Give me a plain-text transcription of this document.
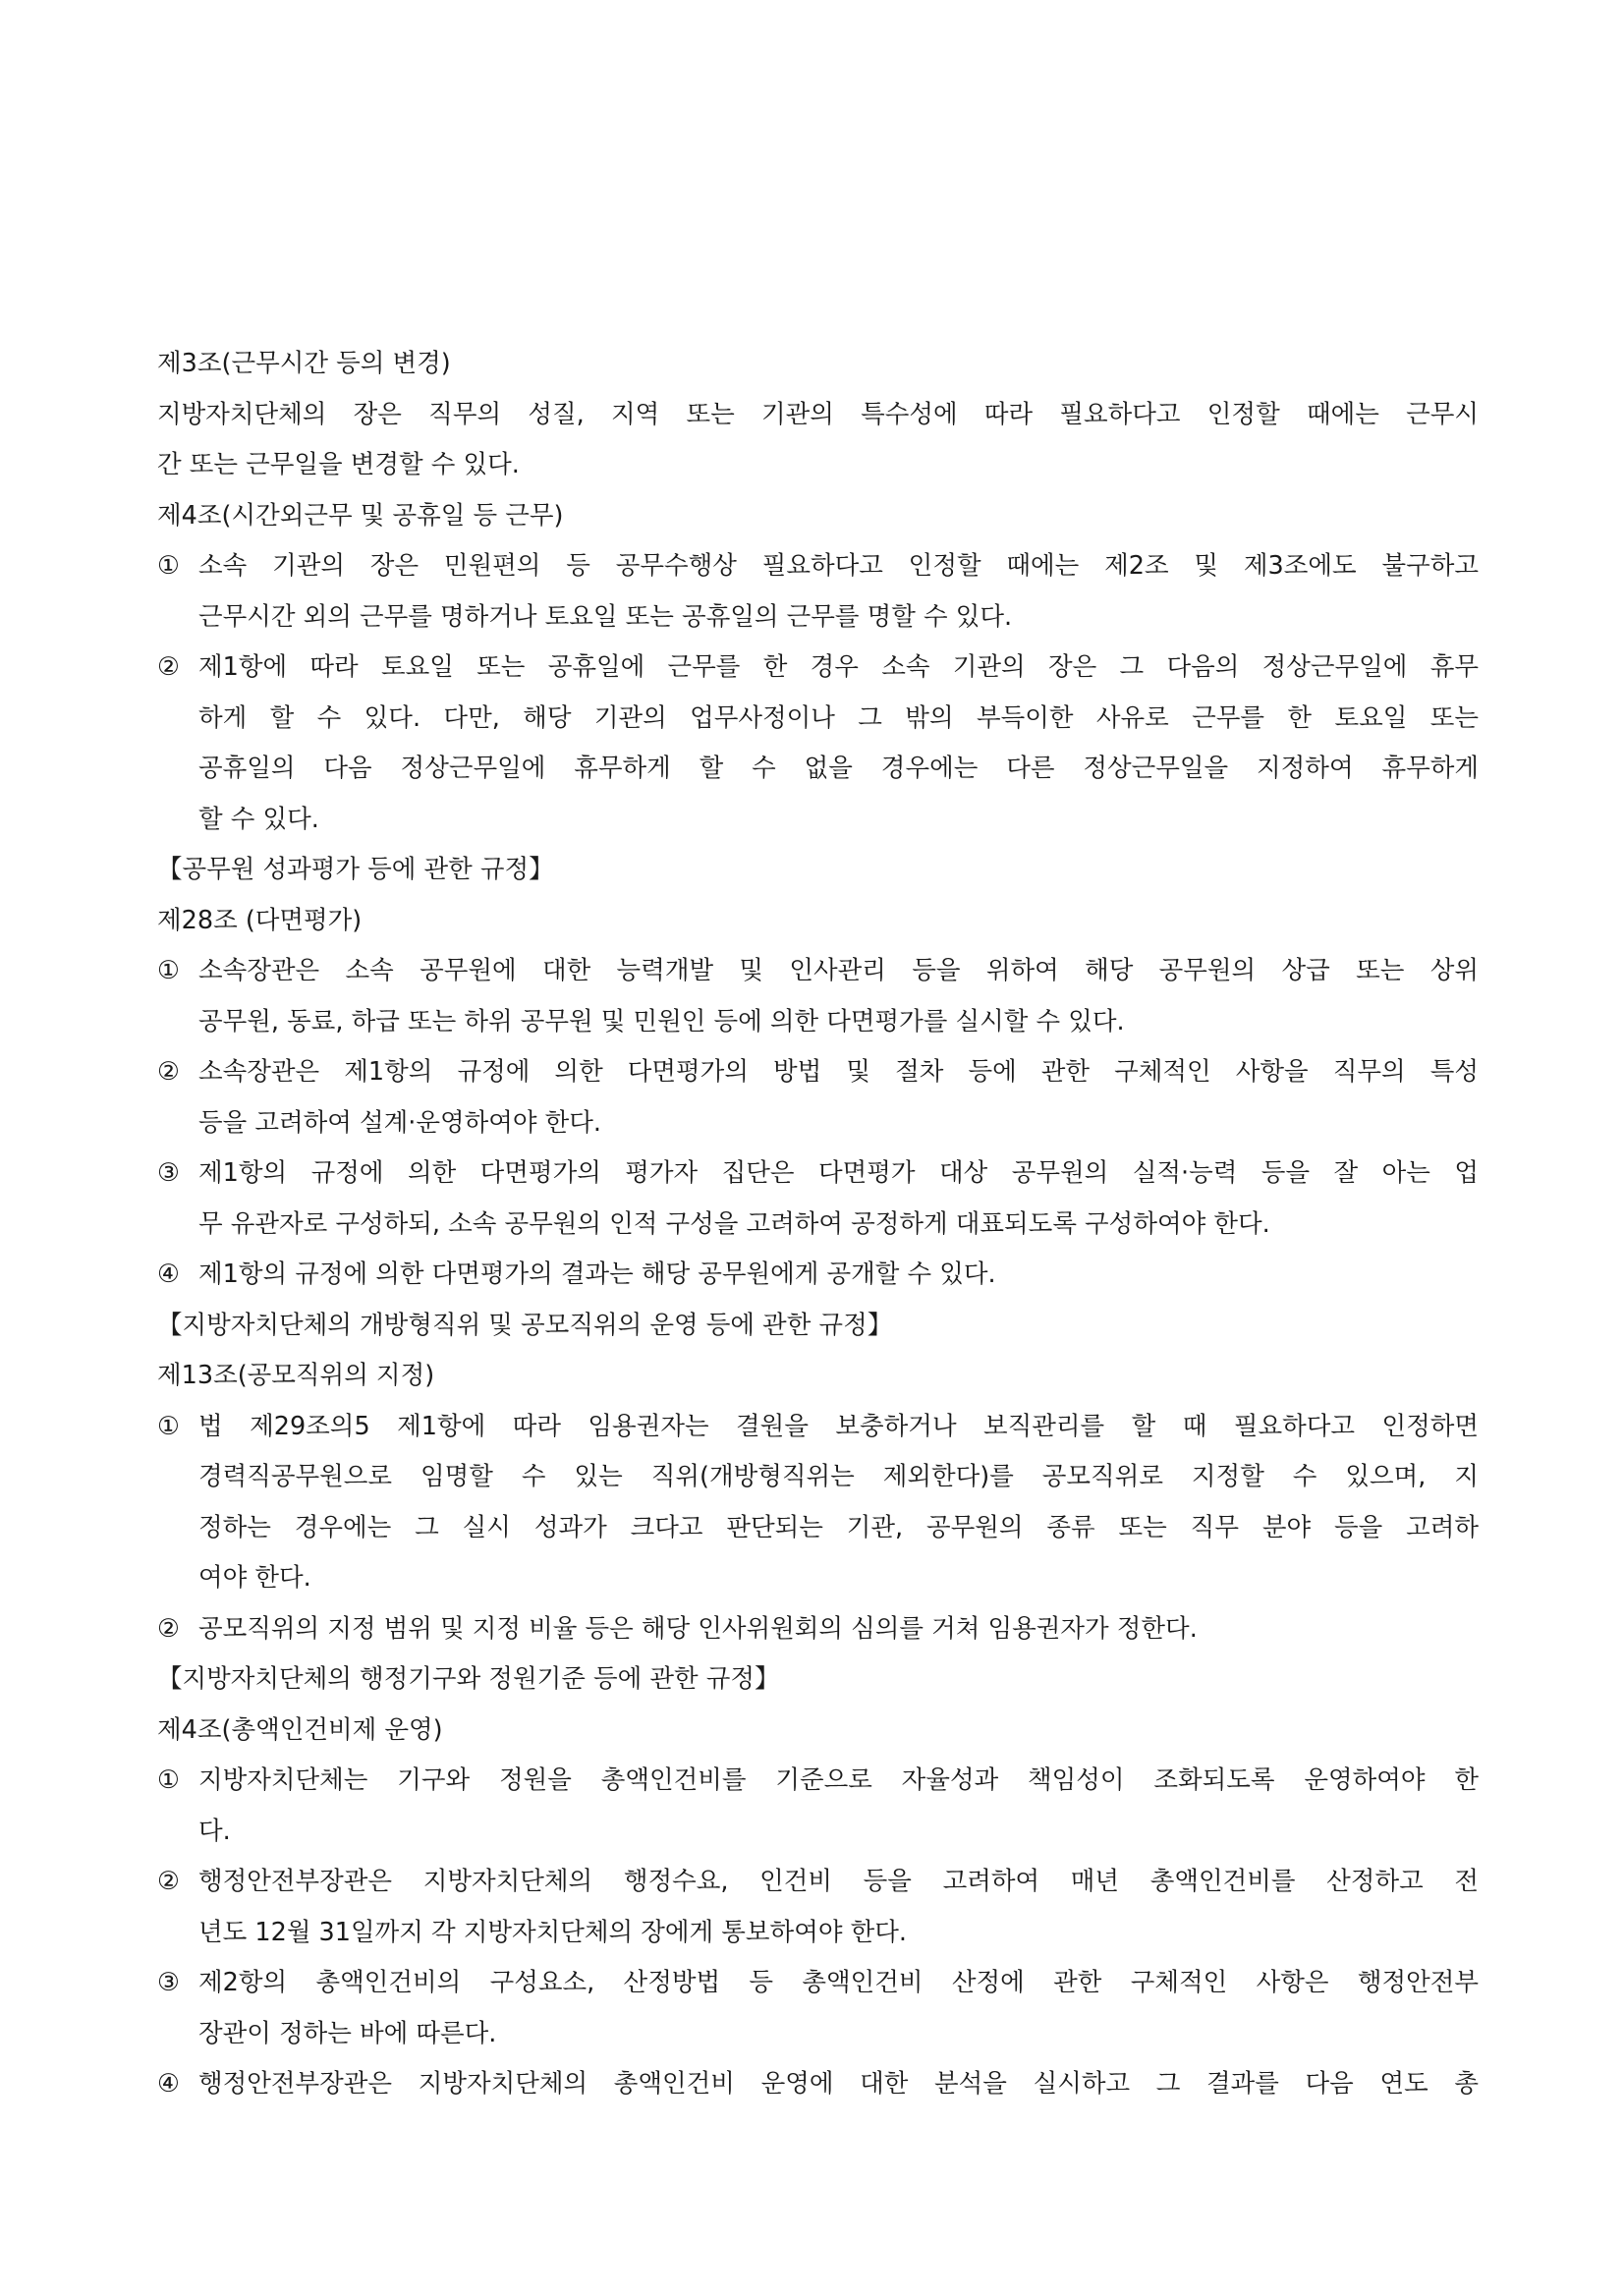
제3조(근무시간 등의 변경)
지방자치단체의 장은 직무의 성질, 지역 또는 기관의 특수성에 따라 필요하다고 인정할 때에는 근무시
간 또는 근무일을 변경할 수 있다.
제4조(시간외근무 및 공휴일 등 근무)
① 소속 기관의 장은 민원편의 등 공무수행상 필요하다고 인정할 때에는 제2조 및 제3조에도 불구하고
근무시간 외의 근무를 명하거나 토요일 또는 공휴일의 근무를 명할 수 있다.
② 제1항에 따라 토요일 또는 공휴일에 근무를 한 경우 소속 기관의 장은 그 다음의 정상근무일에 휴무
하게 할 수 있다. 다만, 해당 기관의 업무사정이나 그 밖의 부득이한 사유로 근무를 한 토요일 또는
공휴일의 다음 정상근무일에 휴무하게 할 수 없을 경우에는 다른 정상근무일을 지정하여 휴무하게
할 수 있다.
【공무원 성과평가 등에 관한 규정】
제28조 (다면평가)
① 소속장관은 소속 공무원에 대한 능력개발 및 인사관리 등을 위하여 해당 공무원의 상급 또는 상위
공무원, 동료, 하급 또는 하위 공무원 및 민원인 등에 의한 다면평가를 실시할 수 있다.
② 소속장관은 제1항의 규정에 의한 다면평가의 방법 및 절차 등에 관한 구체적인 사항을 직무의 특성
등을 고려하여 설계·운영하여야 한다.
③ 제1항의 규정에 의한 다면평가의 평가자 집단은 다면평가 대상 공무원의 실적·능력 등을 잘 아는 업
무 유관자로 구성하되, 소속 공무원의 인적 구성을 고려하여 공정하게 대표되도록 구성하여야 한다.
④ 제1항의 규정에 의한 다면평가의 결과는 해당 공무원에게 공개할 수 있다.
【지방자치단체의 개방형직위 및 공모직위의 운영 등에 관한 규정】
제13조(공모직위의 지정)
① 법 제29조의5 제1항에 따라 임용권자는 결원을 보충하거나 보직관리를 할 때 필요하다고 인정하면
경력직공무원으로 임명할 수 있는 직위(개방형직위는 제외한다)를 공모직위로 지정할 수 있으며, 지
정하는 경우에는 그 실시 성과가 크다고 판단되는 기관, 공무원의 종류 또는 직무 분야 등을 고려하
여야 한다.
② 공모직위의 지정 범위 및 지정 비율 등은 해당 인사위원회의 심의를 거쳐 임용권자가 정한다.
【지방자치단체의 행정기구와 정원기준 등에 관한 규정】
제4조(총액인건비제 운영)
① 지방자치단체는 기구와 정원을 총액인건비를 기준으로 자율성과 책임성이 조화되도록 운영하여야 한
다.
② 행정안전부장관은 지방자치단체의 행정수요, 인건비 등을 고려하여 매년 총액인건비를 산정하고 전
년도 12월 31일까지 각 지방자치단체의 장에게 통보하여야 한다.
③ 제2항의 총액인건비의 구성요소, 산정방법 등 총액인건비 산정에 관한 구체적인 사항은 행정안전부
장관이 정하는 바에 따른다.
④ 행정안전부장관은 지방자치단체의 총액인건비 운영에 대한 분석을 실시하고 그 결과를 다음 연도 총
